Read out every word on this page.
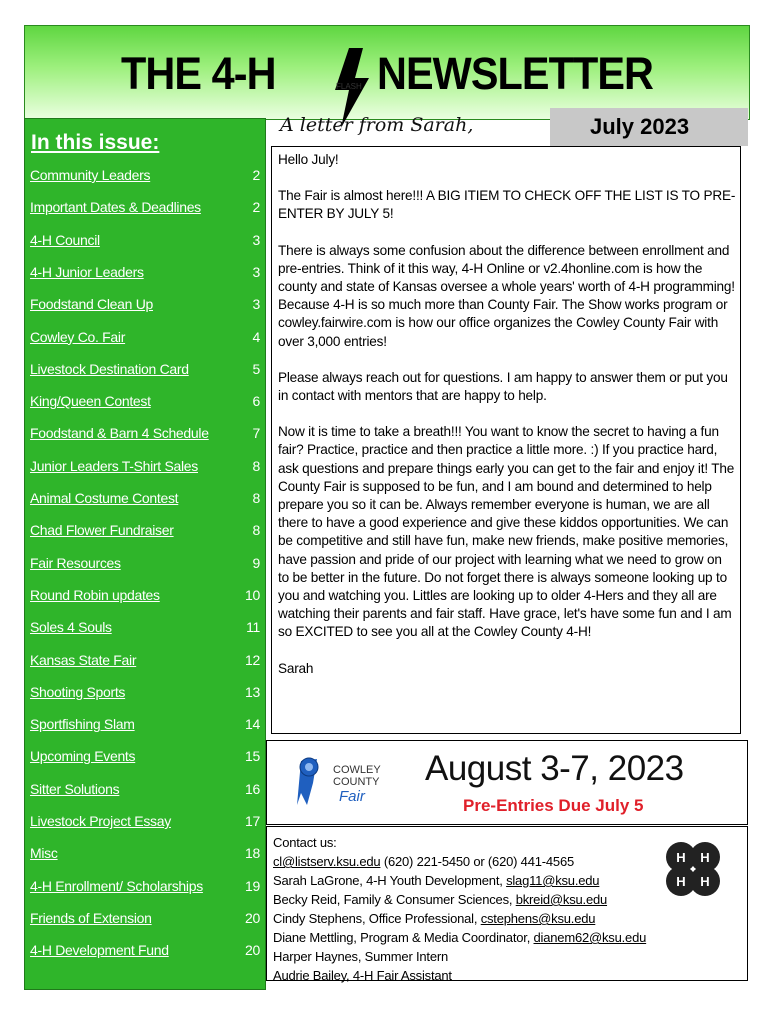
THE 4-H	FLASH NEWSLETTER
In this issue:
Community Leaders	2
Important Dates & Deadlines	2
4-H Council	3
4-H Junior Leaders	3
Foodstand Clean Up	3
Cowley Co. Fair	4
Livestock Destination Card	5
King/Queen Contest	6
Foodstand & Barn 4 Schedule	7
Junior Leaders T-Shirt Sales	8
Animal Costume Contest	8
Chad Flower Fundraiser	8
Fair Resources	9
Round Robin updates	10
Soles 4 Souls	11
Kansas State Fair	12
Shooting Sports	13
Sportfishing Slam	14
Upcoming Events	15
Sitter Solutions	16
Livestock Project Essay	17
Misc	18
4-H Enrollment/ Scholarships	19
Friends of Extension	20
4-H Development Fund	20
A letter from Sarah,	July 2023

Hello July!

The Fair is almost here!!! A BIG ITIEM TO CHECK OFF THE LIST IS TO PRE-ENTER BY JULY 5!

There is always some confusion about the difference between enrollment and pre-entries. Think of it this way, 4-H Online or v2.4honline.com is how the county and state of Kansas oversee a whole years' worth of 4-H programming! Because 4-H is so much more than County Fair. The Show works program or cowley.fairwire.com is how our office organizes the Cowley County Fair with over 3,000 entries!

Please always reach out for questions. I am happy to answer them or put you in contact with mentors that are happy to help.

Now it is time to take a breath!!! You want to know the secret to having a fun fair? Practice, practice and then practice a little more. :) If you practice hard, ask questions and prepare things early you can get to the fair and enjoy it! The County Fair is supposed to be fun, and I am bound and determined to help prepare you so it can be. Always remember everyone is human, we are all there to have a good experience and give these kiddos opportunities. We can be competitive and still have fun, make new friends, make positive memories, have passion and pride of our project with learning what we need to grow on to be better in the future. Do not forget there is always someone looking up to you and watching you. Littles are looking up to older 4-Hers and they all are watching their parents and fair staff. Have grace, let's have some fun and I am so EXCITED to see you all at the Cowley County 4-H!

Sarah

COWLEY
COUNTY
Fair
August 3-7, 2023
Pre-Entries Due July 5
Contact us:
cl@listserv.ksu.edu (620) 221-5450 or (620) 441-4565
Sarah LaGrone, 4-H Youth Development, slag11@ksu.edu
Becky Reid, Family & Consumer Sciences, bkreid@ksu.edu
Cindy Stephens, Office Professional, cstephens@ksu.edu
Diane Mettling, Program & Media Coordinator, dianem62@ksu.edu
Harper Haynes, Summer Intern
Audrie Bailey, 4-H Fair Assistant
H H
H H
